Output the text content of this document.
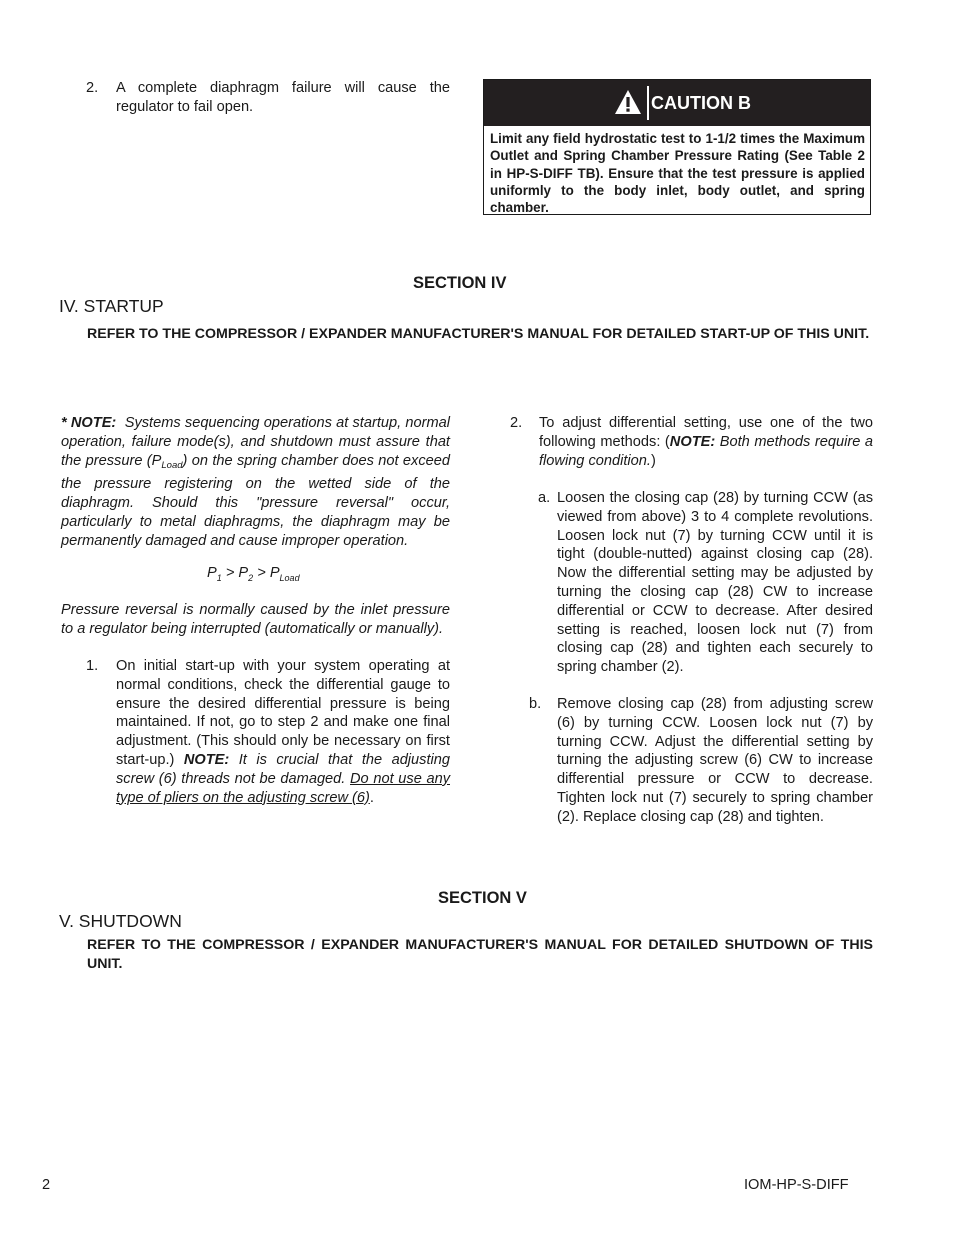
2. A complete diaphragm failure will cause the regulator to fail open.	CAUTION B
Limit any field hydrostatic test to 1-1/2 times the Maximum Outlet and Spring Chamber Pressure Rating (See Table 2 in HP-S-DIFF TB). Ensure that the test pressure is applied uniformly to the body inlet, body outlet, and spring chamber.
SECTION IV
IV. STARTUP
REFER TO THE COMPRESSOR / EXPANDER MANUFACTURER'S MANUAL FOR DETAILED START-UP OF THIS UNIT.
* NOTE: Systems sequencing operations at startup, normal operation, failure mode(s), and shutdown must assure that the pressure $(P_{Load})$ on the spring chamber does not exceed the pressure registering on the wetted side of the diaphragm. Should this "pressure reversal" occur, particularly to metal diaphragms, the diaphragm may be permanently damaged and cause improper operation.
$P_1 > P_2 > P_{Load}$
Pressure reversal is normally caused by the inlet pressure to a regulator being interrupted (automatically or manually).
1. On initial start-up with your system operating at normal conditions, check the differential gauge to ensure the desired differential pressure is being maintained. If not, go to step 2 and make one final adjustment. (This should only be necessary on first start-up.) NOTE: It is crucial that the adjusting screw (6) threads not be damaged. Do not use any type of pliers on the adjusting screw (6).
2. To adjust differential setting, use one of the two following methods: (NOTE: Both methods require a flowing condition.)
a. Loosen the closing cap (28) by turning CCW (as viewed from above) 3 to 4 complete revolutions. Loosen lock nut (7) by turning CCW until it is tight (double-nutted) against closing cap (28). Now the differential setting may be adjusted by turning the closing cap (28) CW to increase differential or CCW to decrease. After desired setting is reached, loosen lock nut (7) from closing cap (28) and tighten each securely to spring chamber (2).
b. Remove closing cap (28) from adjusting screw (6) by turning CCW. Loosen lock nut (7) by turning CCW. Adjust the differential setting by turning the adjusting screw (6) CW to increase differential pressure or CCW to decrease. Tighten lock nut (7) securely to spring chamber (2). Replace closing cap (28) and tighten.
SECTION V
V. SHUTDOWN
REFER TO THE COMPRESSOR / EXPANDER MANUFACTURER'S MANUAL FOR DETAILED SHUTDOWN OF THIS UNIT.
2	IOM-HP-S-DIFF
